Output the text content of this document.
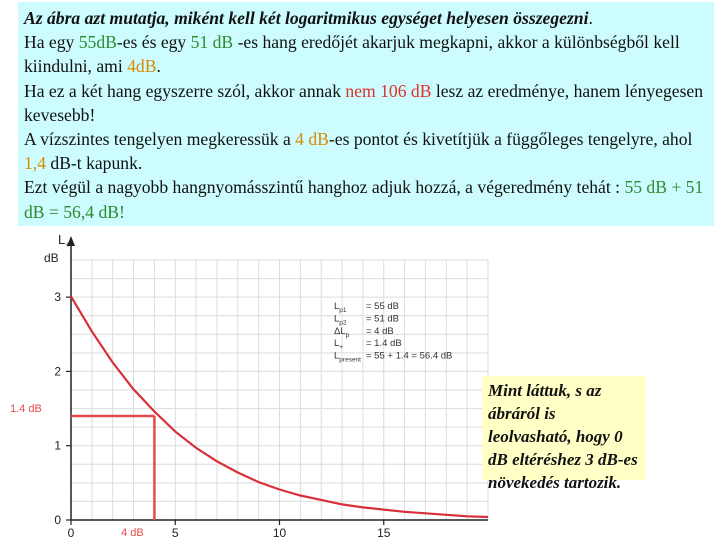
Az ábra azt mutatja, miként kell két logaritmikus egységet helyesen összegezni.

Ha egy 55dB-es és egy 51 dB -es hang eredőjét akarjuk megkapni, akkor a különbségből kell kiindulni, ami 4dB.

Ha ez a két hang egyszerre szól, akkor annak nem 106 dB lesz az eredménye, hanem lényegesen kevesebb!

A vízszintes tengelyen megkeressük a 4 dB-es pontot és kivetítjük a függőleges tengelyre, ahol 1,4 dB-t kapunk.

Ezt végül a nagyobb hangnyomásszintű hanghoz adjuk hozzá, a végeredmény tehát : 55 dB + 51 dB = 56,4 dB!

0
1
2
3
0	5	10	15
$L_+$
dB
1.4 dB
4 dB
$L_{p1} = 55$ dB
$L_{p2} = 51$ dB
$\Delta L_p = 4$ dB
$L_+ = 1.4$ dB
$L_{present} = 55 + 1.4 = 56.4$ dB
Mint láttuk, s az ábráról is leolvasható, hogy 0 dB eltéréshez 3 dB-es növekedés tartozik.
